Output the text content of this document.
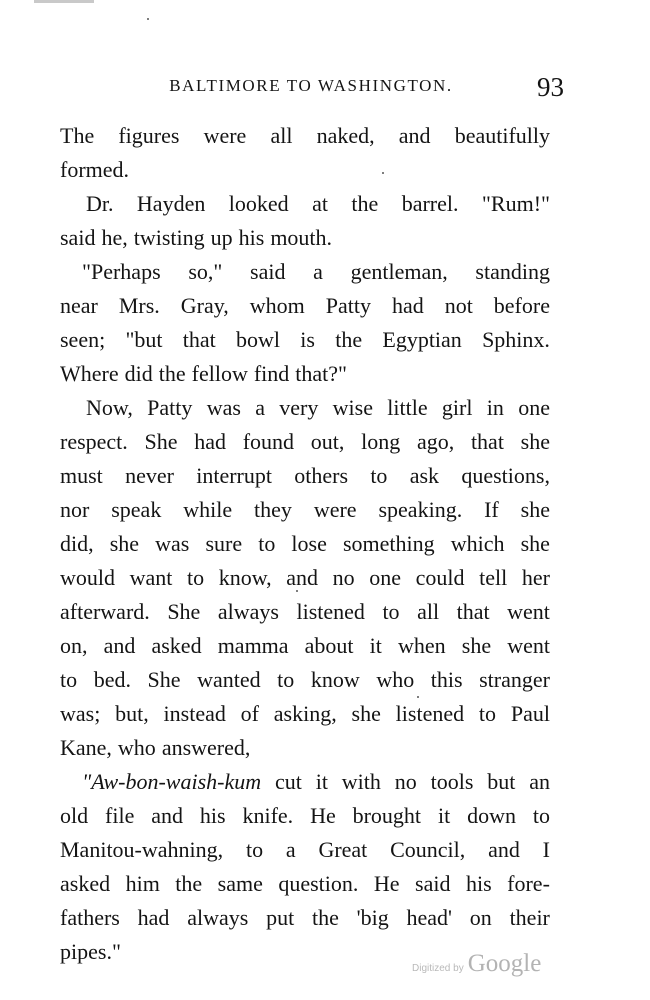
BALTIMORE TO WASHINGTON.	93
The figures were all naked, and beautifully
formed.
Dr. Hayden looked at the barrel. "Rum!"
said he, twisting up his mouth.
"Perhaps so," said a gentleman, standing
near Mrs. Gray, whom Patty had not before
seen; "but that bowl is the Egyptian Sphinx.
Where did the fellow find that?"
Now, Patty was a very wise little girl in one
respect. She had found out, long ago, that she
must never interrupt others to ask questions,
nor speak while they were speaking. If she
did, she was sure to lose something which she
would want to know, and no one could tell her
afterward. She always listened to all that went
on, and asked mamma about it when she went
to bed. She wanted to know who this stranger
was; but, instead of asking, she listened to Paul
Kane, who answered,
"Aw-bon-waish-kum cut it with no tools but an
old file and his knife. He brought it down to
Manitou-wahning, to a Great Council, and I
asked him the same question. He said his fore-
fathers had always put the 'big head' on their
pipes."
Digitized by Google
